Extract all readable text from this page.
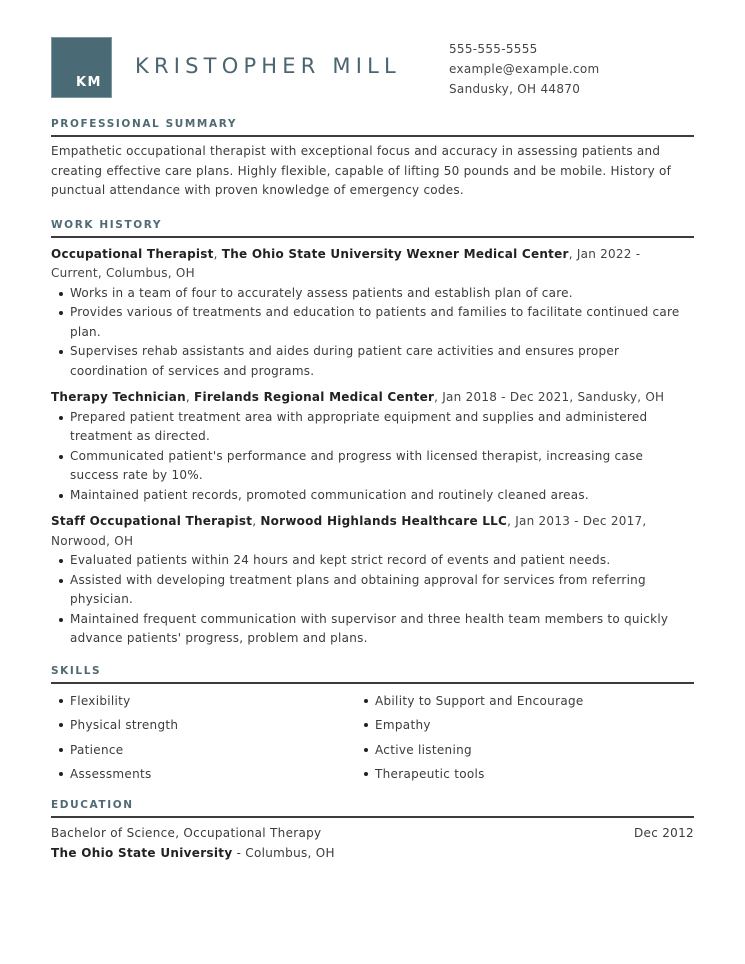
KM
KRISTOPHER MILL
555-555-5555
example@example.com
Sandusky, OH 44870
PROFESSIONAL SUMMARY

Empathetic occupational therapist with exceptional focus and accuracy in assessing patients and creating effective care plans. Highly flexible, capable of lifting 50 pounds and be mobile. History of punctual attendance with proven knowledge of emergency codes.

WORK HISTORY
Occupational Therapist, The Ohio State University Wexner Medical Center, Jan 2022 - Current, Columbus, OH
Works in a team of four to accurately assess patients and establish plan of care.
Provides various of treatments and education to patients and families to facilitate continued care plan.
Supervises rehab assistants and aides during patient care activities and ensures proper coordination of services and programs.
Therapy Technician, Firelands Regional Medical Center, Jan 2018 - Dec 2021, Sandusky, OH
Prepared patient treatment area with appropriate equipment and supplies and administered treatment as directed.
Communicated patient's performance and progress with licensed therapist, increasing case success rate by 10%.
Maintained patient records, promoted communication and routinely cleaned areas.
Staff Occupational Therapist, Norwood Highlands Healthcare LLC, Jan 2013 - Dec 2017, Norwood, OH
Evaluated patients within 24 hours and kept strict record of events and patient needs.
Assisted with developing treatment plans and obtaining approval for services from referring physician.
Maintained frequent communication with supervisor and three health team members to quickly advance patients' progress, problem and plans.
SKILLS
Flexibility	Ability to Support and Encourage
Physical strength	Empathy
Patience	Active listening
Assessments	Therapeutic tools
EDUCATION
Bachelor of Science, Occupational Therapy	Dec 2012
The Ohio State University - Columbus, OH
